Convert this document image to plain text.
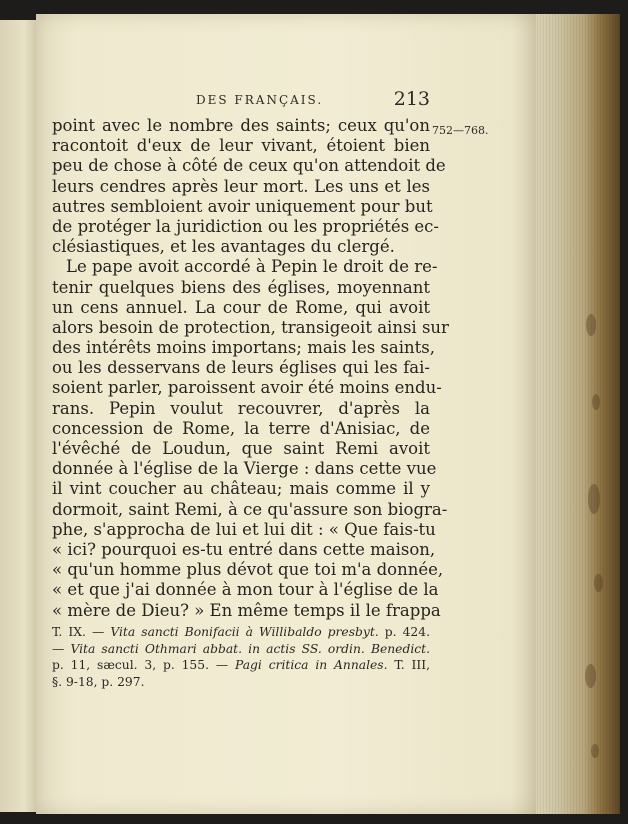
DES FRANÇAIS.	213
752—768.
point avec le nombre des saints; ceux qu'on
racontoit d'eux de leur vivant, étoient bien
peu de chose à côté de ceux qu'on attendoit de
leurs cendres après leur mort. Les uns et les
autres sembloient avoir uniquement pour but
de protéger la juridiction ou les propriétés ec-
clésiastiques, et les avantages du clergé.
Le pape avoit accordé à Pepin le droit de re-
tenir quelques biens des églises, moyennant
un cens annuel. La cour de Rome, qui avoit
alors besoin de protection, transigeoit ainsi sur
des intérêts moins importans; mais les saints,
ou les desservans de leurs églises qui les fai-
soient parler, paroissent avoir été moins endu-
rans. Pepin voulut recouvrer, d'après la
concession de Rome, la terre d'Anisiac, de
l'évêché de Loudun, que saint Remi avoit
donnée à l'église de la Vierge : dans cette vue
il vint coucher au château; mais comme il y
dormoit, saint Remi, à ce qu'assure son biogra-
phe, s'approcha de lui et lui dit : « Que fais-tu
« ici? pourquoi es-tu entré dans cette maison,
« qu'un homme plus dévot que toi m'a donnée,
« et que j'ai donnée à mon tour à l'église de la
« mère de Dieu? » En même temps il le frappa
T. IX. — Vita sancti Bonifacii à Willibaldo presbyt. p. 424.
— Vita sancti Othmari abbat. in actis SS. ordin. Benedict.
p. 11, sæcul. 3, p. 155. — Pagi critica in Annales. T. III,
§. 9-18, p. 297.
